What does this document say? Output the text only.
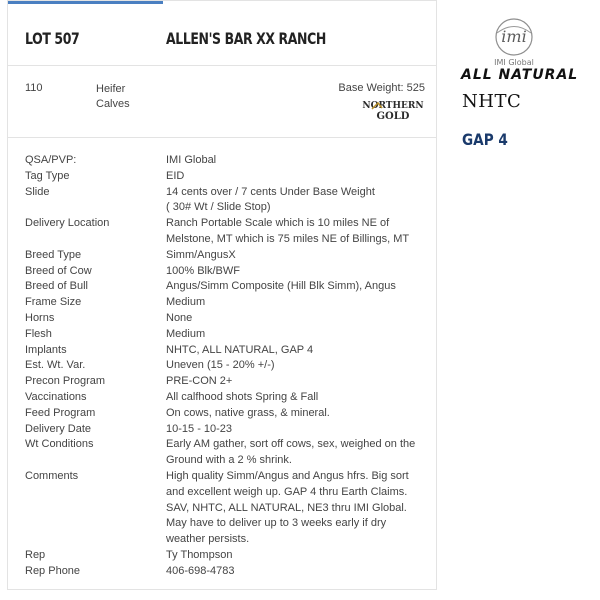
LOT 507	ALLEN'S BAR XX RANCH
110	Heifer Calves
Base Weight: 525
NORTHERN
GOLD
QSA/PVP:	IMI Global
Tag Type	EID
Slide	14 cents over / 7 cents Under Base Weight
( 30# Wt / Slide Stop)
Delivery Location	Ranch Portable Scale which is 10 miles NE of
Melstone, MT which is 75 miles NE of Billings, MT
Breed Type	Simm/AngusX
Breed of Cow	100% Blk/BWF
Breed of Bull	Angus/Simm Composite (Hill Blk Simm), Angus
Frame Size	Medium
Horns	None
Flesh	Medium
Implants	NHTC, ALL NATURAL, GAP 4
Est. Wt. Var.	Uneven (15 - 20% +/-)
Precon Program	PRE-CON 2+
Vaccinations	All calfhood shots Spring & Fall
Feed Program	On cows, native grass, & mineral.
Delivery Date	10-15 - 10-23
Wt Conditions	Early AM gather, sort off cows, sex, weighed on the
Ground with a 2 % shrink.
Comments	High quality Simm/Angus and Angus hfrs. Big sort
and excellent weigh up. GAP 4 thru Earth Claims.
SAV, NHTC, ALL NATURAL, NE3 thru IMI Global.
May have to deliver up to 3 weeks early if dry
weather persists.
Rep	Ty Thompson
Rep Phone	406-698-4783
imi
IMI Global
ALL NATURAL
NHTC
GAP 4
